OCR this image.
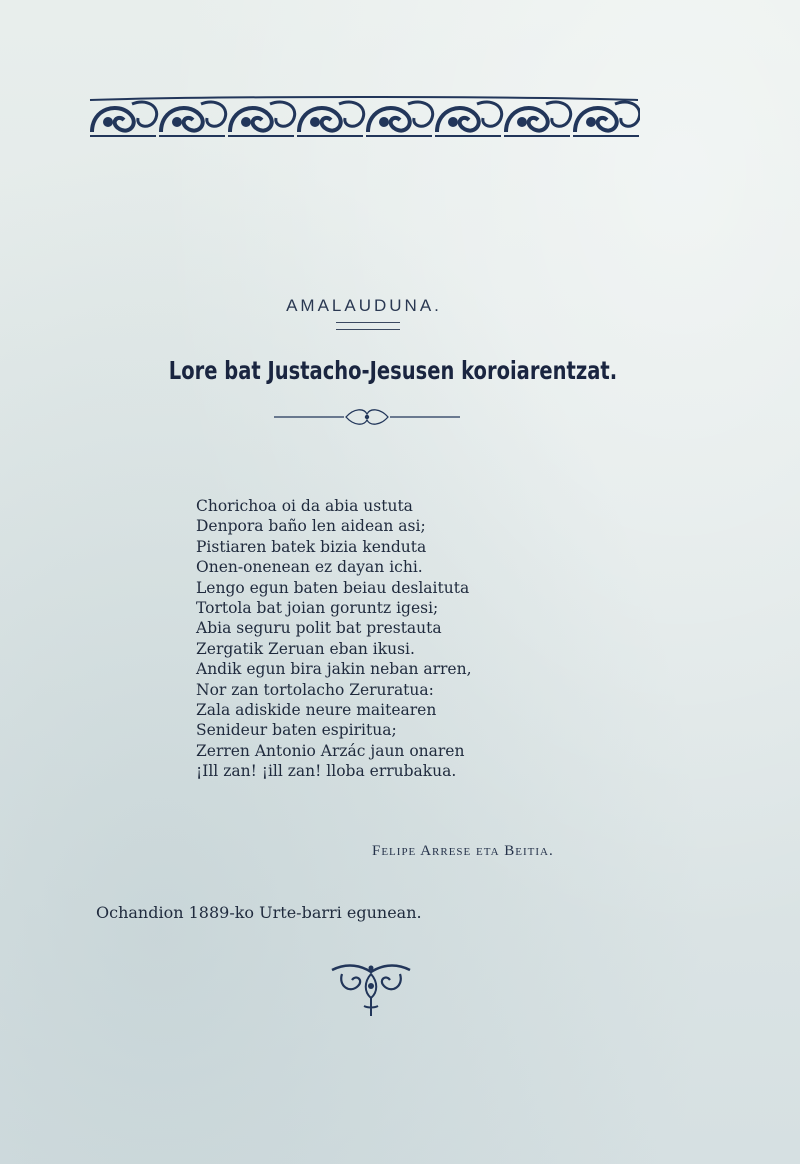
AMALAUDUNA.
Lore bat Justacho-Jesusen koroiarentzat.
Chorichoa oi da abia ustuta
Denpora baño len aidean asi;
Pistiaren batek bizia kenduta
Onen-onenean ez dayan ichi.
Lengo egun baten beiau deslaituta
Tortola bat joian goruntz igesi;
Abia seguru polit bat prestauta
Zergatik Zeruan eban ikusi.
Andik egun bira jakin neban arren,
Nor zan tortolacho Zeruratua:
Zala adiskide neure maitearen
Senideur baten espiritua;
Zerren Antonio Arzác jaun onaren
¡Ill zan! ¡ill zan! lloba errubakua.
Felipe Arrese eta Beitia.
Ochandion 1889-ko Urte-barri egunean.
